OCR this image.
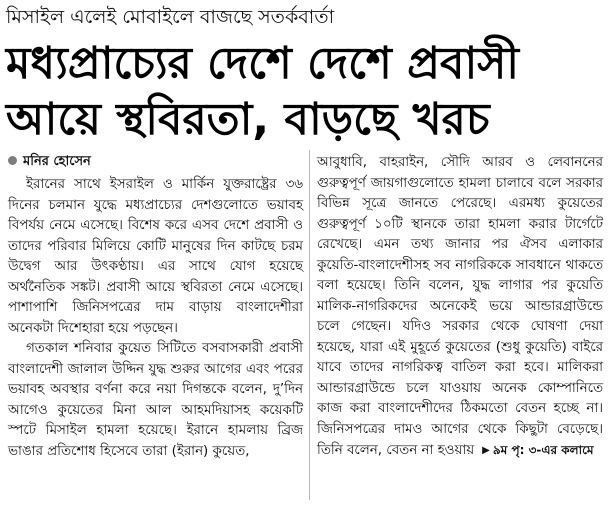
মিসাইল এলেই মোবাইলে বাজছে সতর্কবার্তা
মধ্যপ্রাচ্যের দেশে দেশে প্রবাসী
আয়ে স্থবিরতা, বাড়ছে খরচ
মনির হোসেন

ইরানের সাথে ইসরাইল ও মার্কিন যুক্তরাষ্ট্রের ৩৬ দিনের চলমান যুদ্ধে মধ্যপ্রাচ্যের দেশগুলোতে ভয়াবহ বিপর্যয় নেমে এসেছে। বিশেষ করে এসব দেশে প্রবাসী ও তাদের পরিবার মিলিয়ে কোটি মানুষের দিন কাটছে চরম উদ্বেগ আর উৎকণ্ঠায়। এর সাথে যোগ হয়েছে অর্থনৈতিক সঙ্কট। প্রবাসী আয়ে স্থবিরতা নেমে এসেছে। পাশাপাশি জিনিসপত্রের দাম বাড়ায় বাংলাদেশীরা অনেকটা দিশেহারা হয়ে পড়ছেন।

গতকাল শনিবার কুয়েত সিটিতে বসবাসকারী প্রবাসী বাংলাদেশী জালাল উদ্দিন যুদ্ধ শুরুর আগের এবং পরের ভয়াবহ অবস্থার বর্ণনা করে নয়া দিগন্তকে বলেন, দু’দিন আগেও কুয়েতের মিনা আল আহমদিয়াসহ কয়েকটি স্পটে মিসাইল হামলা হয়েছে। ইরানে হামলায় ব্রিজ ভাঙার প্রতিশোধ হিসেবে তারা (ইরান) কুয়েত,

আবুধাবি, বাহরাইন, সৌদি আরব ও লেবাননের গুরুত্বপূর্ণ জায়গাগুলোতে হামলা চালাবে বলে সরকার বিভিন্ন সূত্রে জানতে পেরেছে। এরমধ্য কুয়েতের গুরুত্বপূর্ণ ১০টি স্থানকে তারা হামলা করার টার্গেটে রেখেছে। এমন তথ্য জানার পর ঐসব এলাকার কুয়েতি-বাংলাদেশীসহ সব নাগরিককে সাবধানে থাকতে বলা হয়েছে। তিনি বলেন, যুদ্ধ লাগার পর কুয়েতি মালিক-নাগরিকদের অনেকেই ভয়ে আন্ডারগ্রাউন্ডে চলে গেছেন। যদিও সরকার থেকে ঘোষণা দেয়া হয়েছে, যারা এই মুহূর্তে কুয়েতের (শুধু কুয়েতি) বাইরে যাবে তাদের নাগরিকত্ব বাতিল করা হবে। মালিকরা আন্ডারগ্রাউন্ডে চলে যাওয়ায় অনেক কোম্পানিতে কাজ করা বাংলাদেশীদের ঠিকমতো বেতন হচ্ছে না। জিনিসপত্রের দামও আগের থেকে কিছুটা বেড়েছে। তিনি বলেন, বেতন না হওয়ায় ▶ ৯ম পৃ: ৩-এর কলামে
